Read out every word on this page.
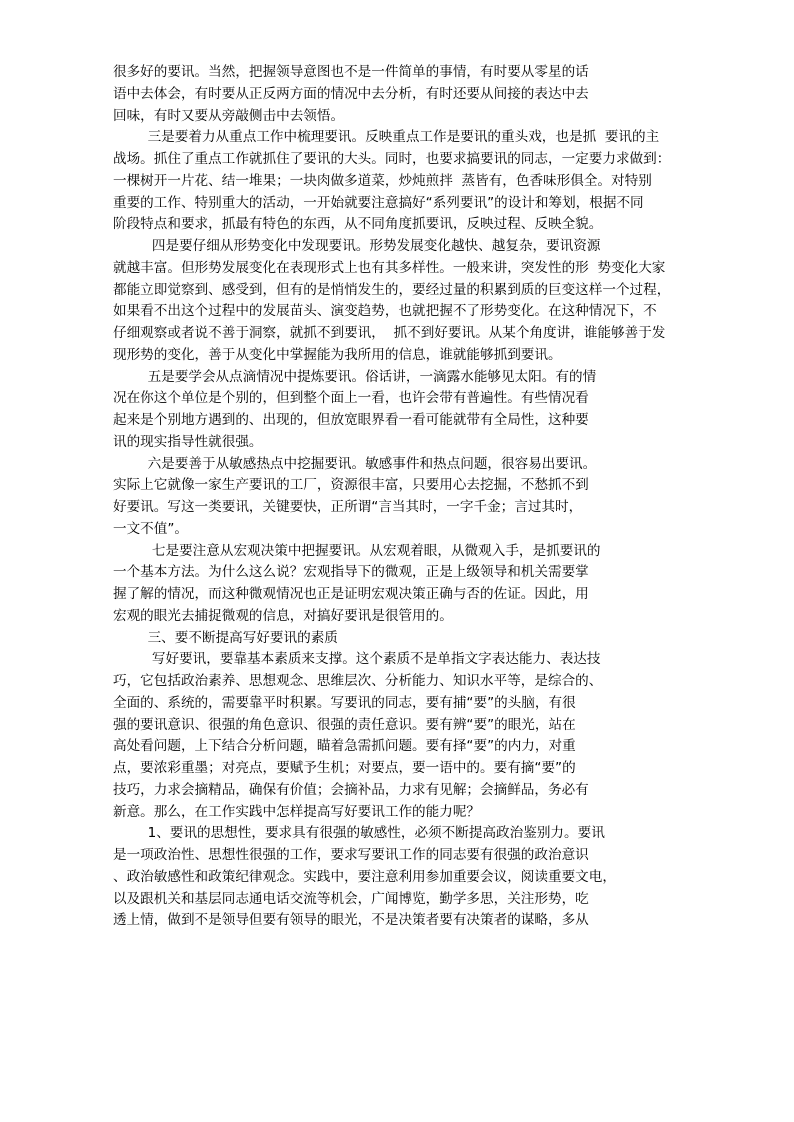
很多好的要讯。当然，把握领导意图也不是一件简单的事情，有时要从零星的话
语中去体会，有时要从正反两方面的情况中去分析，有时还要从间接的表达中去
回味，有时又要从旁敲侧击中去领悟。
三是要着力从重点工作中梳理要讯。反映重点工作是要讯的重头戏，也是抓  要讯的主
战场。抓住了重点工作就抓住了要讯的大头。同时，也要求搞要讯的同志，一定要力求做到：
一棵树开一片花、结一堆果；一块肉做多道菜，炒炖煎拌  蒸皆有，色香味形俱全。对特别
重要的工作、特别重大的活动，一开始就要注意搞好“系列要讯”的设计和筹划，根据不同
阶段特点和要求，抓最有特色的东西，从不同角度抓要讯，反映过程、反映全貌。
四是要仔细从形势变化中发现要讯。形势发展变化越快、越复杂，要讯资源
就越丰富。但形势发展变化在表现形式上也有其多样性。一般来讲，突发性的形  势变化大家
都能立即觉察到、感受到，但有的是悄悄发生的，要经过量的积累到质的巨变这样一个过程，
如果看不出这个过程中的发展苗头、演变趋势，也就把握不了形势变化。在这种情况下，不
仔细观察或者说不善于洞察，就抓不到要讯，  抓不到好要讯。从某个角度讲，谁能够善于发
现形势的变化，善于从变化中掌握能为我所用的信息，谁就能够抓到要讯。
五是要学会从点滴情况中提炼要讯。俗话讲，一滴露水能够见太阳。有的情
况在你这个单位是个别的，但到整个面上一看，也许会带有普遍性。有些情况看
起来是个别地方遇到的、出现的，但放宽眼界看一看可能就带有全局性，这种要
讯的现实指导性就很强。
六是要善于从敏感热点中挖掘要讯。敏感事件和热点问题，很容易出要讯。
实际上它就像一家生产要讯的工厂，资源很丰富，只要用心去挖掘，不愁抓不到
好要讯。写这一类要讯，关键要快，正所谓“言当其时，一字千金；言过其时，
一文不值”。
七是要注意从宏观决策中把握要讯。从宏观着眼，从微观入手，是抓要讯的
一个基本方法。为什么这么说？宏观指导下的微观，正是上级领导和机关需要掌
握了解的情况，而这种微观情况也正是证明宏观决策正确与否的佐证。因此，用
宏观的眼光去捕捉微观的信息，对搞好要讯是很管用的。
三、要不断提高写好要讯的素质
写好要讯，要靠基本素质来支撑。这个素质不是单指文字表达能力、表达技
巧，它包括政治素养、思想观念、思维层次、分析能力、知识水平等，是综合的、
全面的、系统的，需要靠平时积累。写要讯的同志，要有捕“要”的头脑，有很
强的要讯意识、很强的角色意识、很强的责任意识。要有辨“要”的眼光，站在
高处看问题，上下结合分析问题，瞄着急需抓问题。要有择“要”的内力，对重
点，要浓彩重墨；对亮点，要赋予生机；对要点，要一语中的。要有摘“要”的
技巧，力求会摘精品，确保有价值；会摘补品，力求有见解；会摘鲜品，务必有
新意。那么，在工作实践中怎样提高写好要讯工作的能力呢？
1、要讯的思想性，要求具有很强的敏感性，必须不断提高政治鉴别力。要讯
是一项政治性、思想性很强的工作，要求写要讯工作的同志要有很强的政治意识
、政治敏感性和政策纪律观念。实践中，要注意利用参加重要会议，阅读重要文电，
以及跟机关和基层同志通电话交流等机会，广闻博览，勤学多思，关注形势，吃
透上情，做到不是领导但要有领导的眼光，不是决策者要有决策者的谋略，多从
